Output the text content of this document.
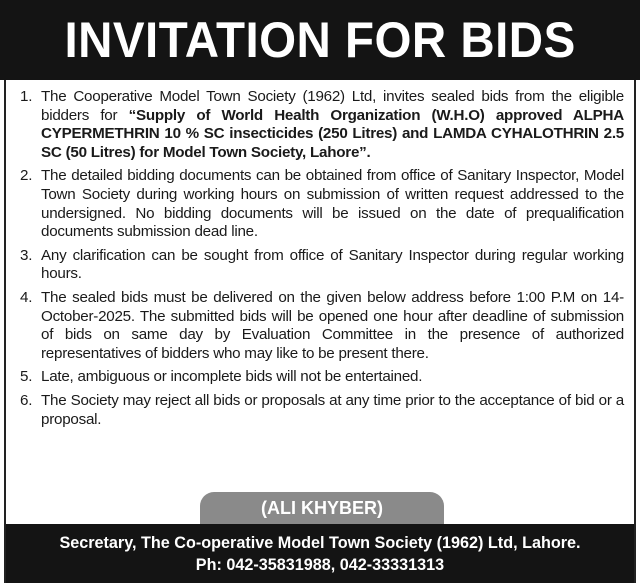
INVITATION FOR BIDS
1. The Cooperative Model Town Society (1962) Ltd, invites sealed bids from the eligible bidders for “Supply of World Health Organization (W.H.O) approved ALPHA CYPERMETHRIN 10 % SC insecticides (250 Litres) and LAMDA CYHALOTHRIN 2.5 SC (50 Litres) for Model Town Society, Lahore”.
2. The detailed bidding documents can be obtained from office of Sanitary Inspector, Model Town Society during working hours on submission of written request addressed to the undersigned. No bidding documents will be issued on the date of prequalification documents submission dead line.
3. Any clarification can be sought from office of Sanitary Inspector during regular working hours.
4. The sealed bids must be delivered on the given below address before 1:00 P.M on 14-October-2025. The submitted bids will be opened one hour after deadline of submission of bids on same day by Evaluation Committee in the presence of authorized representatives of bidders who may like to be present there.
5. Late, ambiguous or incomplete bids will not be entertained.
6. The Society may reject all bids or proposals at any time prior to the acceptance of bid or a proposal.
(ALI KHYBER)
Secretary, The Co-operative Model Town Society (1962) Ltd, Lahore.
Ph: 042-35831988, 042-33331313
